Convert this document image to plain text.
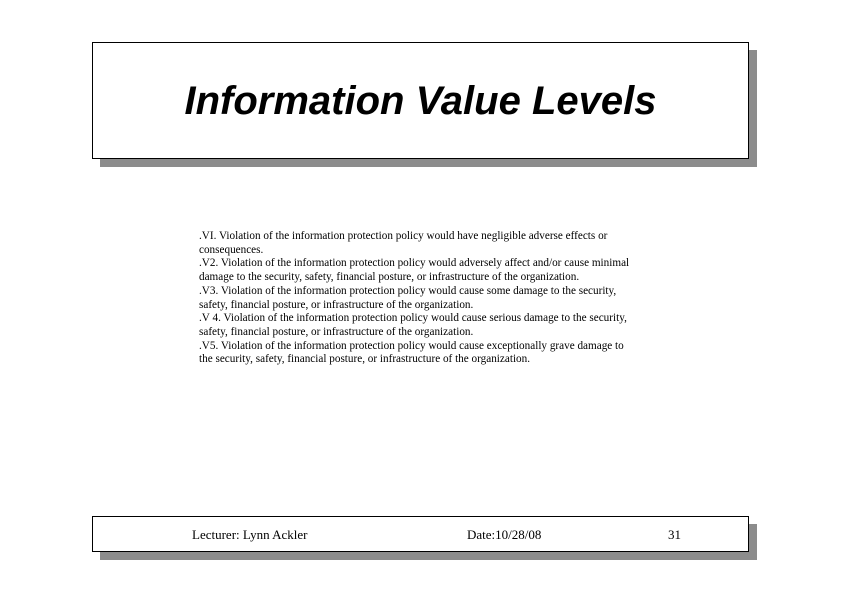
Information Value Levels

.VI. Violation of the information protection policy would have negligible adverse effects or consequences.

.V2. Violation of the information protection policy would adversely affect and/or cause minimal damage to the security, safety, financial posture, or infrastructure of the organization.

.V3. Violation of the information protection policy would cause some damage to the security, safety, financial posture, or infrastructure of the organization.

.V 4. Violation of the information protection policy would cause serious damage to the security, safety, financial posture, or infrastructure of the organization.

.V5. Violation of the information protection policy would cause exceptionally grave damage to the security, safety, financial posture, or infrastructure of the organization.

Lecturer: Lynn Ackler	Date:10/28/08	31
